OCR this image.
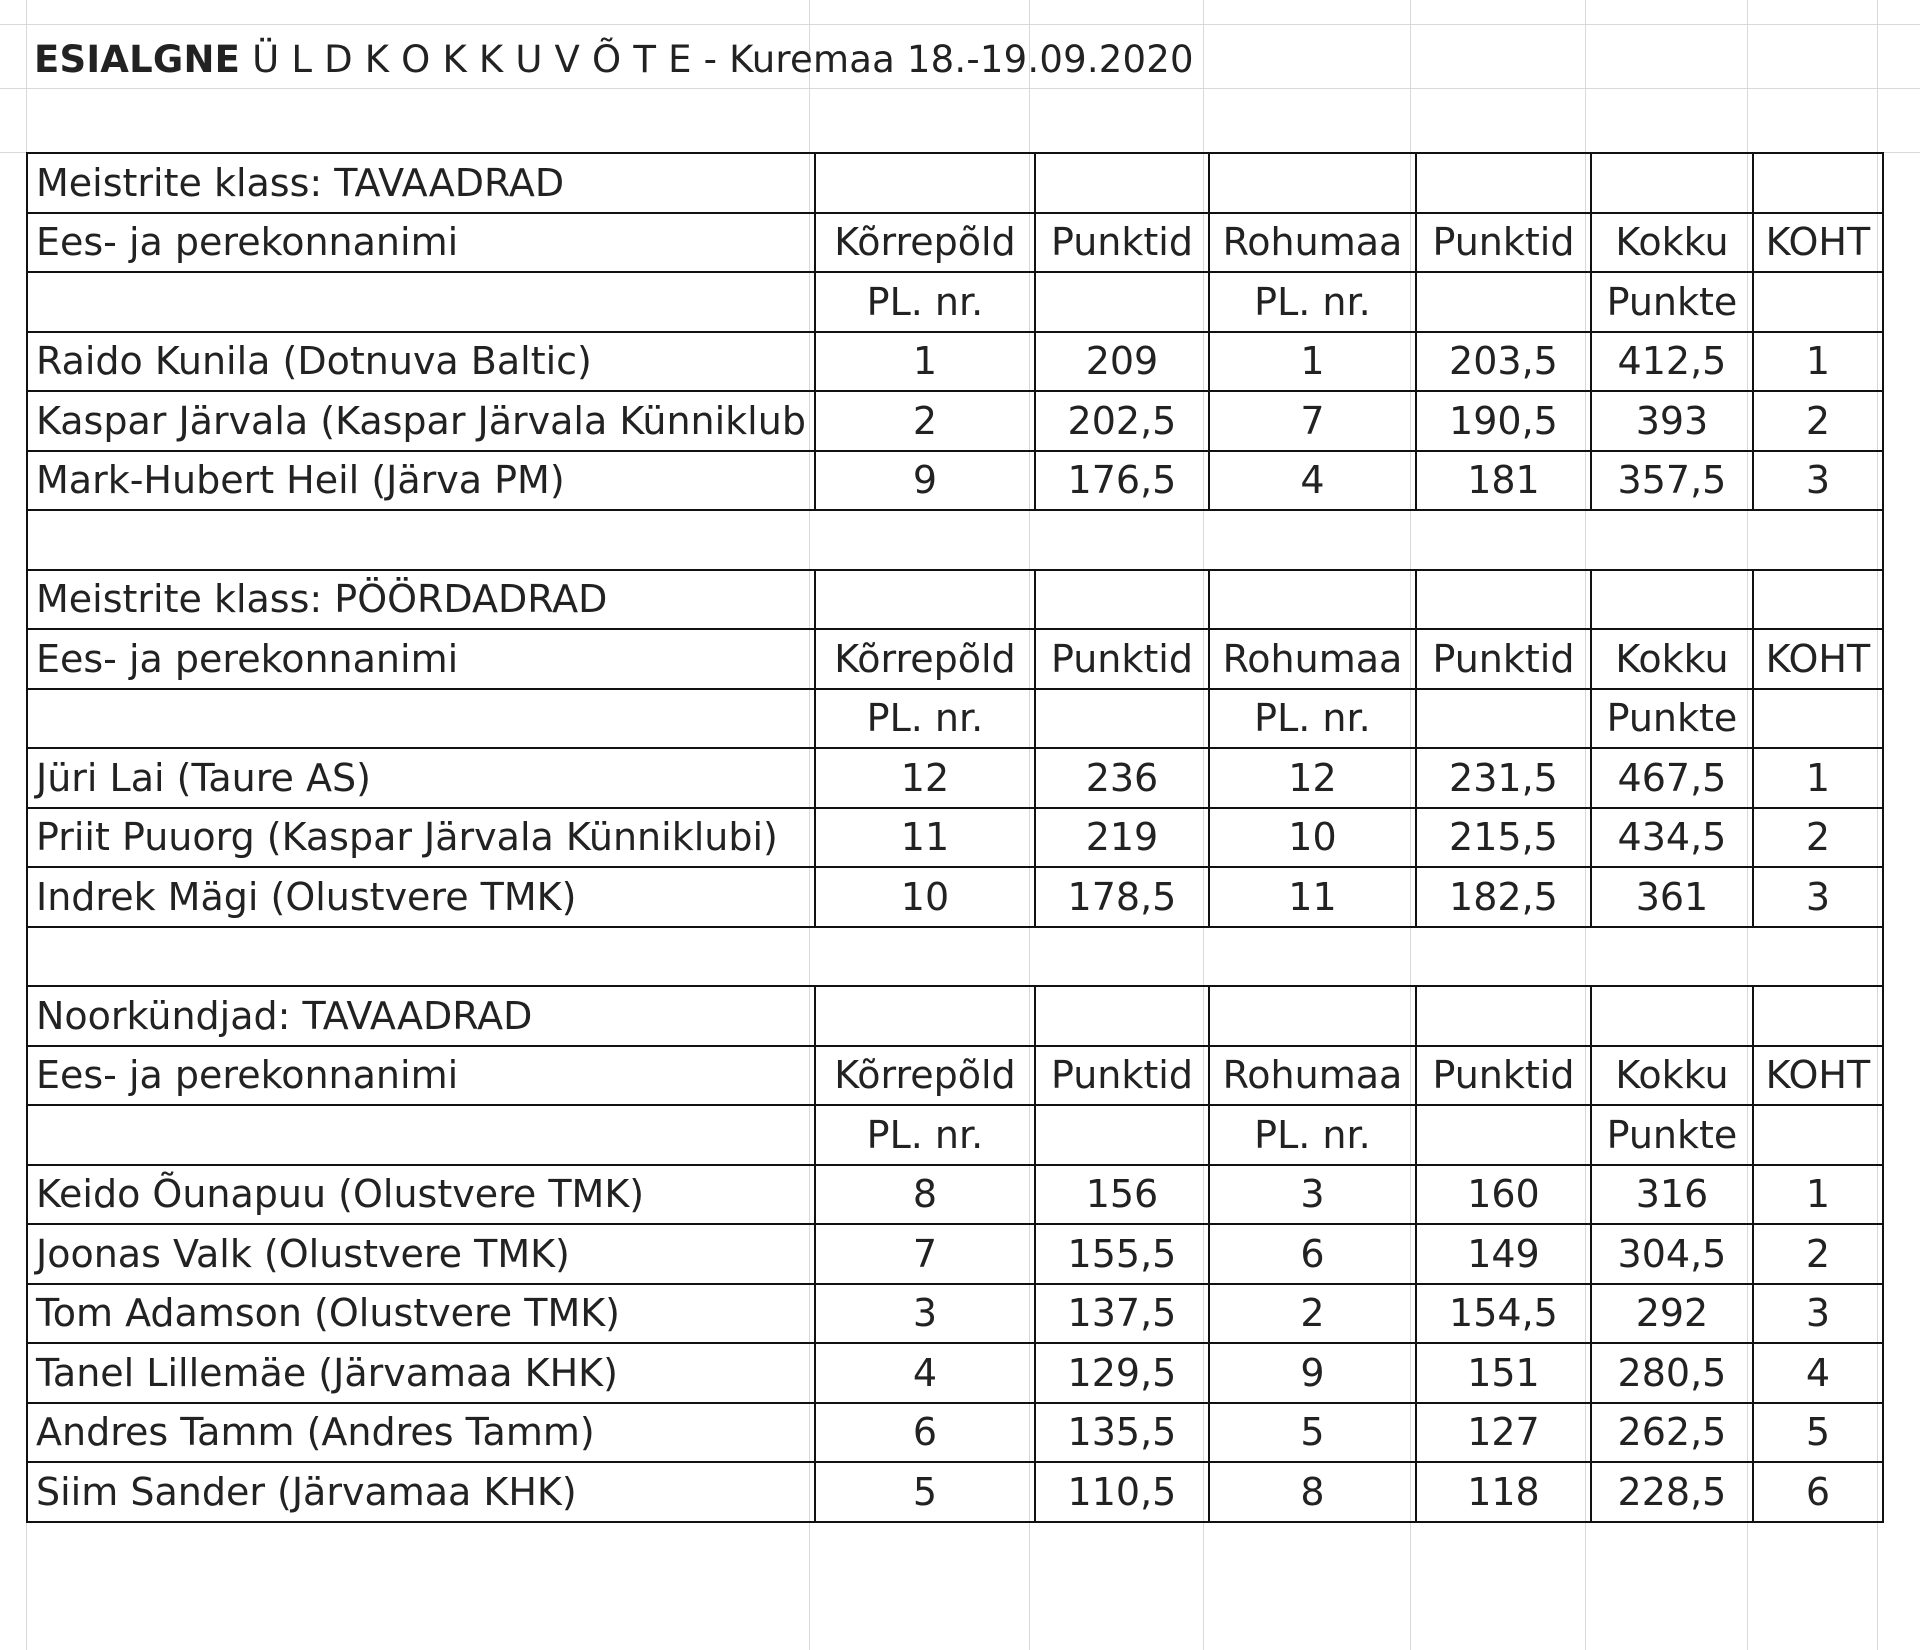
ESIALGNE Ü L D K O K K U V Õ T E - Kuremaa 18.-19.09.2020
Meistrite klass: TAVAADRAD						
Ees- ja perekonnanimi	Kõrrepõld	Punktid	Rohumaa	Punktid	Kokku	KOHT
	PL. nr.		PL. nr.		Punkte	
Raido Kunila (Dotnuva Baltic)	1	209	1	203,5	412,5	1
Kaspar Järvala (Kaspar Järvala Künniklub	2	202,5	7	190,5	393	2
Mark-Hubert Heil (Järva PM)	9	176,5	4	181	357,5	3

Meistrite klass: PÖÖRDADRAD						
Ees- ja perekonnanimi	Kõrrepõld	Punktid	Rohumaa	Punktid	Kokku	KOHT
	PL. nr.		PL. nr.		Punkte	
Jüri Lai (Taure AS)	12	236	12	231,5	467,5	1
Priit Puuorg (Kaspar Järvala Künniklubi)	11	219	10	215,5	434,5	2
Indrek Mägi (Olustvere TMK)	10	178,5	11	182,5	361	3

Noorkündjad: TAVAADRAD						
Ees- ja perekonnanimi	Kõrrepõld	Punktid	Rohumaa	Punktid	Kokku	KOHT
	PL. nr.		PL. nr.		Punkte	
Keido Õunapuu (Olustvere TMK)	8	156	3	160	316	1
Joonas Valk (Olustvere TMK)	7	155,5	6	149	304,5	2
Tom Adamson (Olustvere TMK)	3	137,5	2	154,5	292	3
Tanel Lillemäe (Järvamaa KHK)	4	129,5	9	151	280,5	4
Andres Tamm (Andres Tamm)	6	135,5	5	127	262,5	5
Siim Sander (Järvamaa KHK)	5	110,5	8	118	228,5	6
